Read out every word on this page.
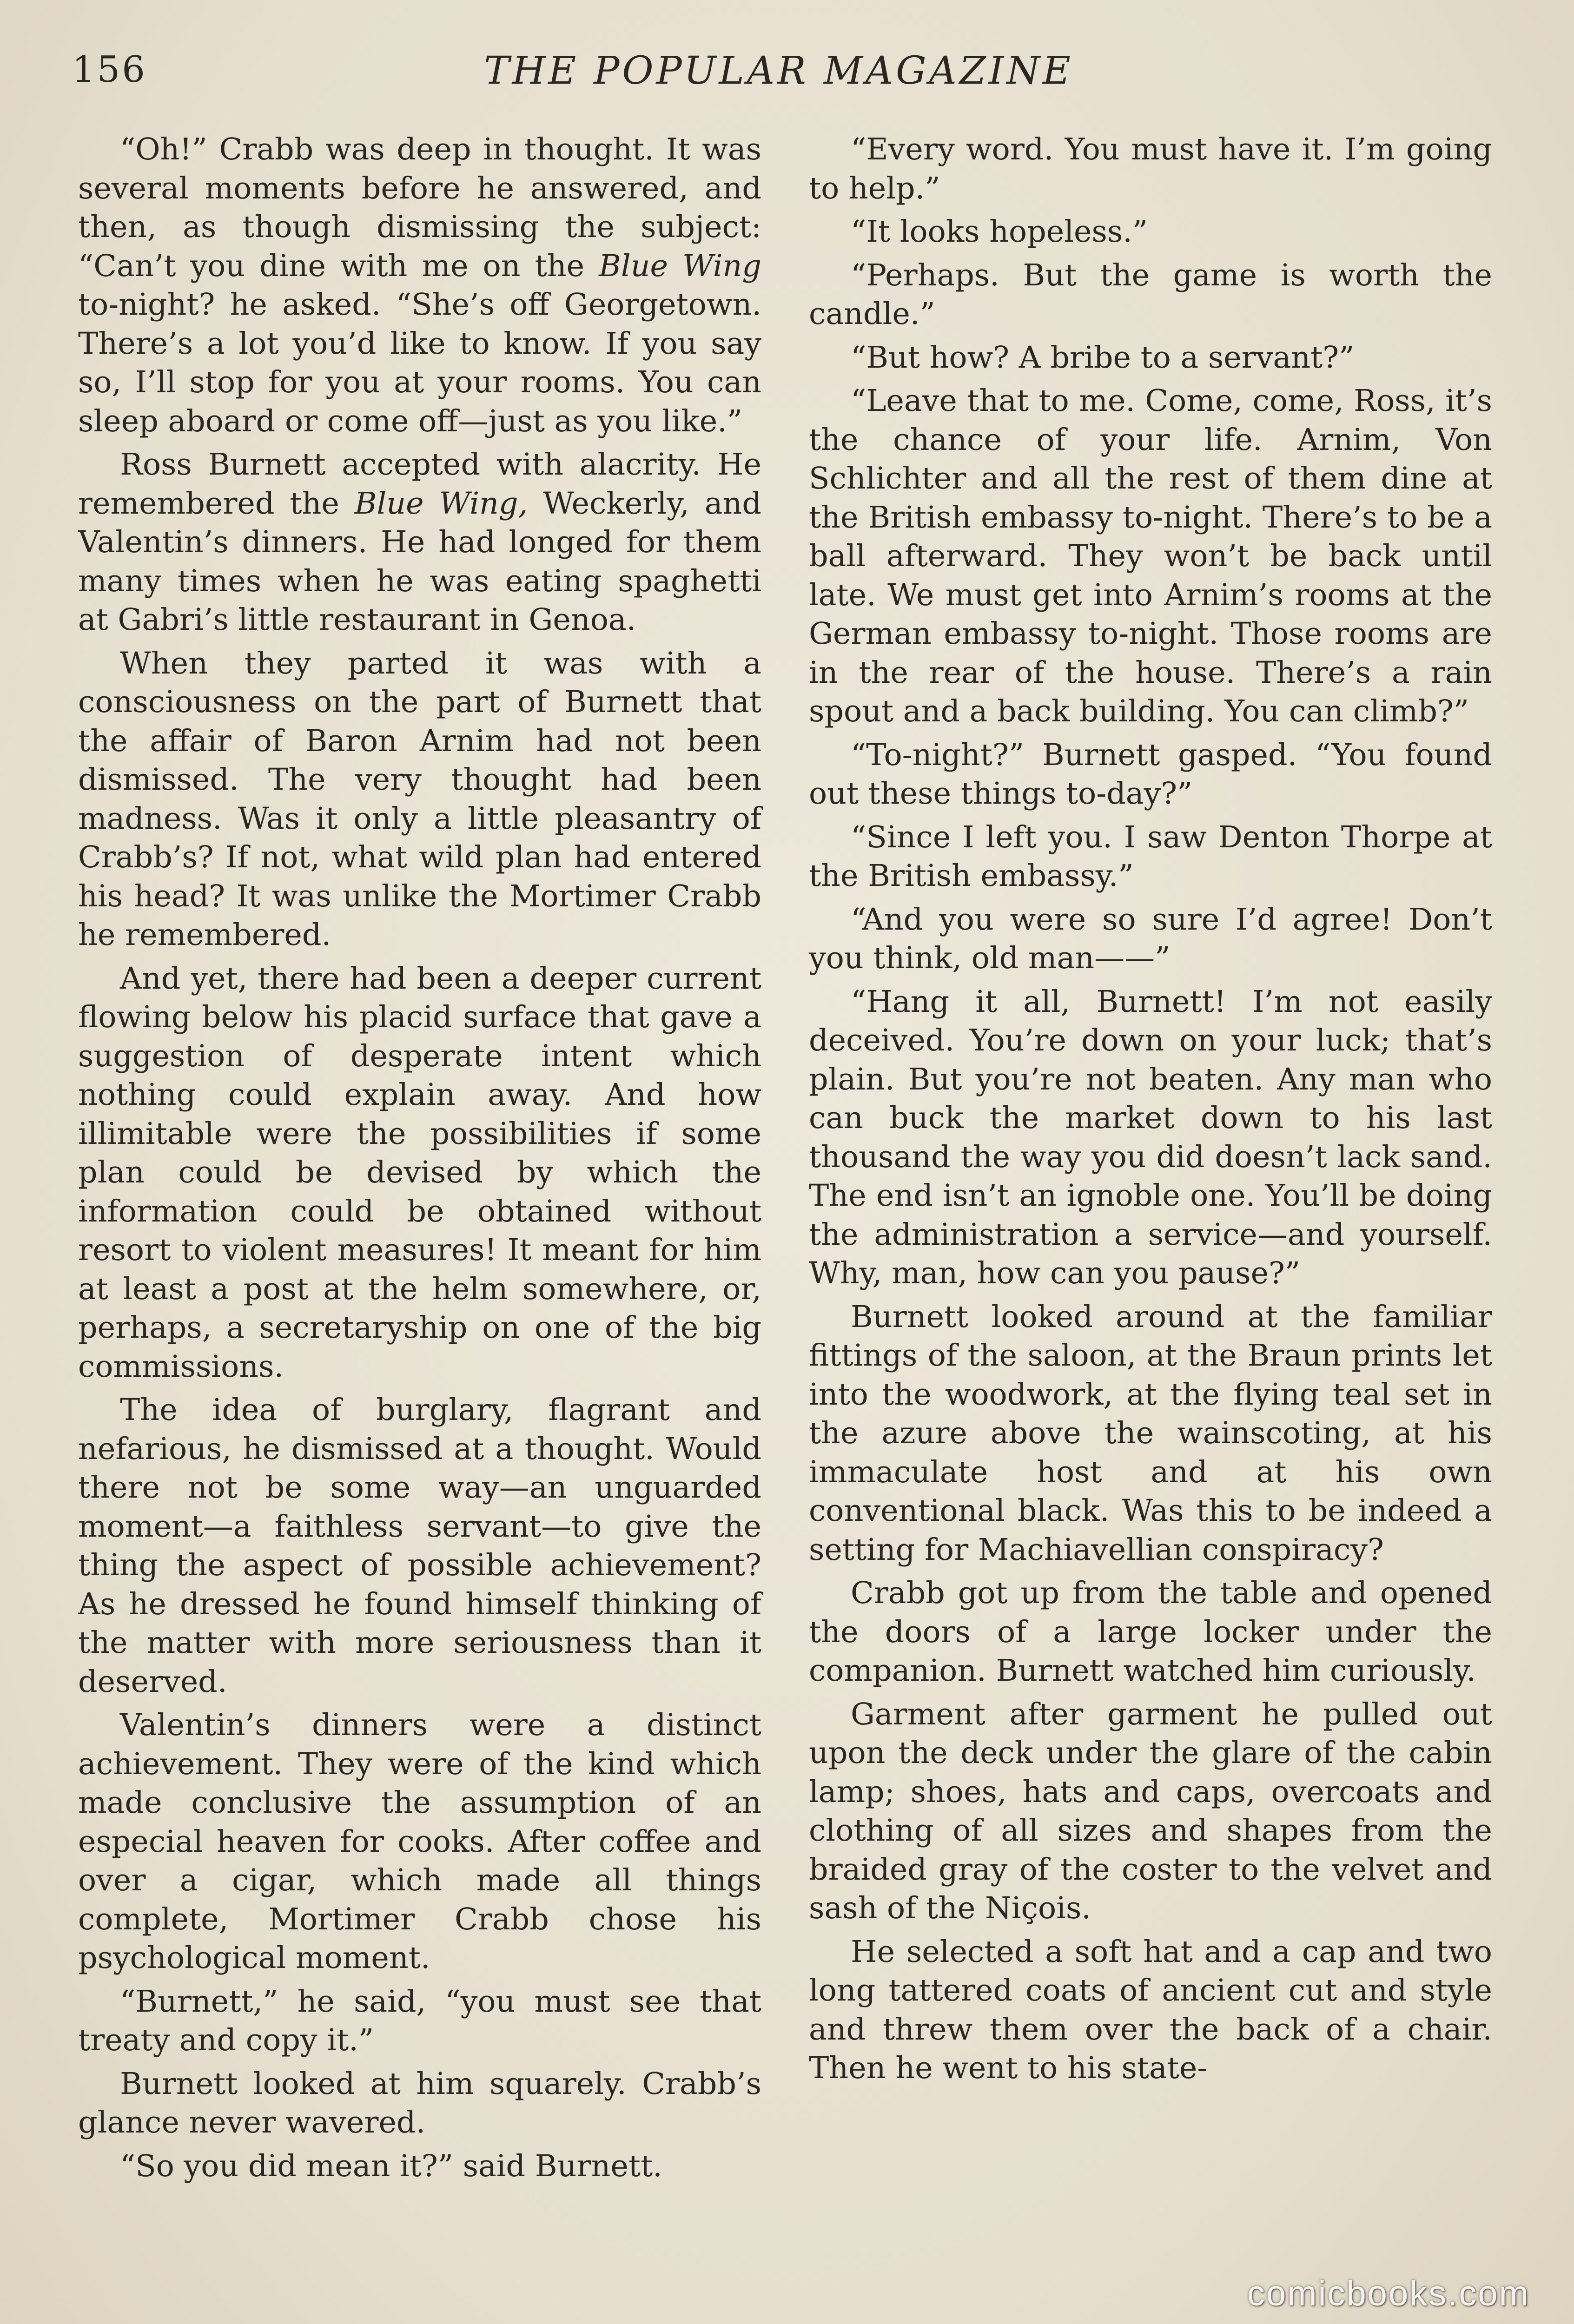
156	THE POPULAR MAGAZINE

“Oh!” Crabb was deep in thought. It was several moments before he answered, and then, as though dismissing the subject: “Can’t you dine with me on the Blue Wing to-night? he asked. “She’s off Georgetown. There’s a lot you’d like to know. If you say so, I’ll stop for you at your rooms. You can sleep aboard or come off—just as you like.”

Ross Burnett accepted with alacrity. He remembered the Blue Wing, Weckerly, and Valentin’s dinners. He had longed for them many times when he was eating spaghetti at Gabri’s little restaurant in Genoa.

When they parted it was with a consciousness on the part of Burnett that the affair of Baron Arnim had not been dismissed. The very thought had been madness. Was it only a little pleasantry of Crabb’s? If not, what wild plan had entered his head? It was unlike the Mortimer Crabb he remembered.

And yet, there had been a deeper current flowing below his placid surface that gave a suggestion of desperate intent which nothing could explain away. And how illimitable were the possibilities if some plan could be devised by which the information could be obtained without resort to violent measures! It meant for him at least a post at the helm somewhere, or, perhaps, a secretaryship on one of the big commissions.

The idea of burglary, flagrant and nefarious, he dismissed at a thought. Would there not be some way—an unguarded moment—a faithless servant—to give the thing the aspect of possible achievement? As he dressed he found himself thinking of the matter with more seriousness than it deserved.

Valentin’s dinners were a distinct achievement. They were of the kind which made conclusive the assumption of an especial heaven for cooks. After coffee and over a cigar, which made all things complete, Mortimer Crabb chose his psychological moment.

“Burnett,” he said, “you must see that treaty and copy it.”

Burnett looked at him squarely. Crabb’s glance never wavered.

“So you did mean it?” said Burnett.

“Every word. You must have it. I’m going to help.”

“It looks hopeless.”

“Perhaps. But the game is worth the candle.”

“But how? A bribe to a servant?”

“Leave that to me. Come, come, Ross, it’s the chance of your life. Arnim, Von Schlichter and all the rest of them dine at the British embassy to-night. There’s to be a ball afterward. They won’t be back until late. We must get into Arnim’s rooms at the German embassy to-night. Those rooms are in the rear of the house. There’s a rain spout and a back building. You can climb?”

“To-night?” Burnett gasped. “You found out these things to-day?”

“Since I left you. I saw Denton Thorpe at the British embassy.”

“And you were so sure I’d agree! Don’t you think, old man——”

“Hang it all, Burnett! I’m not easily deceived. You’re down on your luck; that’s plain. But you’re not beaten. Any man who can buck the market down to his last thousand the way you did doesn’t lack sand. The end isn’t an ignoble one. You’ll be doing the administration a service—and yourself. Why, man, how can you pause?”

Burnett looked around at the familiar fittings of the saloon, at the Braun prints let into the woodwork, at the flying teal set in the azure above the wainscoting, at his immaculate host and at his own conventional black. Was this to be indeed a setting for Machiavellian conspiracy?

Crabb got up from the table and opened the doors of a large locker under the companion. Burnett watched him curiously.

Garment after garment he pulled out upon the deck under the glare of the cabin lamp; shoes, hats and caps, overcoats and clothing of all sizes and shapes from the braided gray of the coster to the velvet and sash of the Niçois.

He selected a soft hat and a cap and two long tattered coats of ancient cut and style and threw them over the back of a chair. Then he went to his state-

comicbooks.com
